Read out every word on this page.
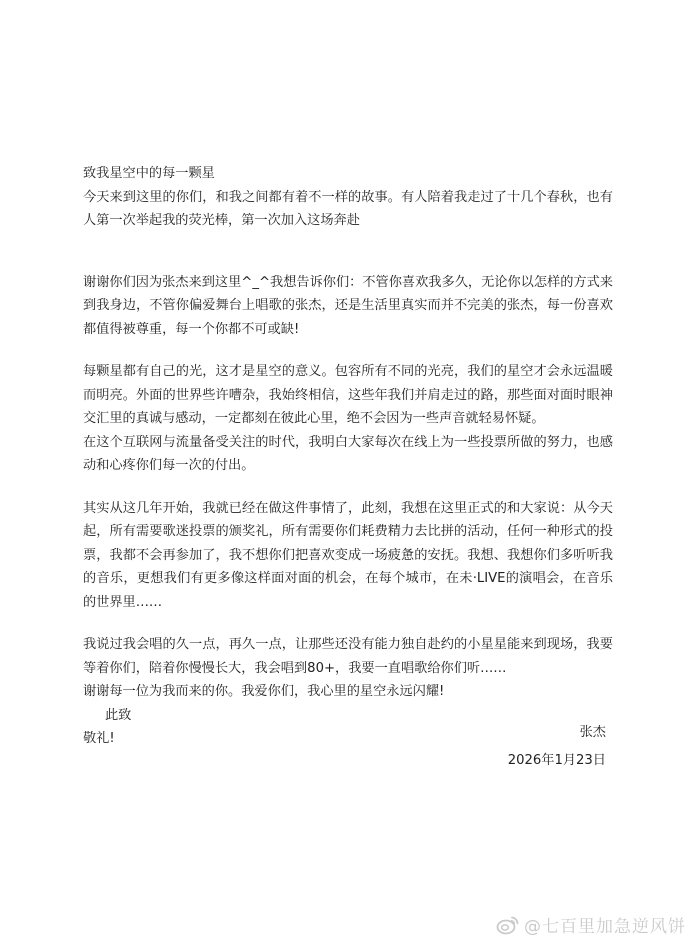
致我星空中的每一颗星

今天来到这里的你们，和我之间都有着不一样的故事。有人陪着我走过了十几个春秋，也有人第一次举起我的荧光棒，第一次加入这场奔赴

谢谢你们因为张杰来到这里^_^我想告诉你们：不管你喜欢我多久，无论你以怎样的方式来到我身边，不管你偏爱舞台上唱歌的张杰，还是生活里真实而并不完美的张杰，每一份喜欢都值得被尊重，每一个你都不可或缺!

每颗星都有自己的光，这才是星空的意义。包容所有不同的光亮，我们的星空才会永远温暖而明亮。外面的世界些许嘈杂，我始终相信，这些年我们并肩走过的路，那些面对面时眼神交汇里的真诚与感动，一定都刻在彼此心里，绝不会因为一些声音就轻易怀疑。

在这个互联网与流量备受关注的时代，我明白大家每次在线上为一些投票所做的努力，也感动和心疼你们每一次的付出。

其实从这几年开始，我就已经在做这件事情了，此刻，我想在这里正式的和大家说：从今天起，所有需要歌迷投票的颁奖礼，所有需要你们耗费精力去比拼的活动，任何一种形式的投票，我都不会再参加了，我不想你们把喜欢变成一场疲惫的安抚。我想、我想你们多听听我的音乐，更想我们有更多像这样面对面的机会，在每个城市，在未·LIVE的演唱会，在音乐的世界里……

我说过我会唱的久一点，再久一点，让那些还没有能力独自赴约的小星星能来到现场，我要等着你们，陪着你慢慢长大，我会唱到80+，我要一直唱歌给你们听……

谢谢每一位为我而来的你。我爱你们，我心里的星空永远闪耀!

此致

敬礼!	张杰
2026年1月23日
@七百里加急逆风饼
